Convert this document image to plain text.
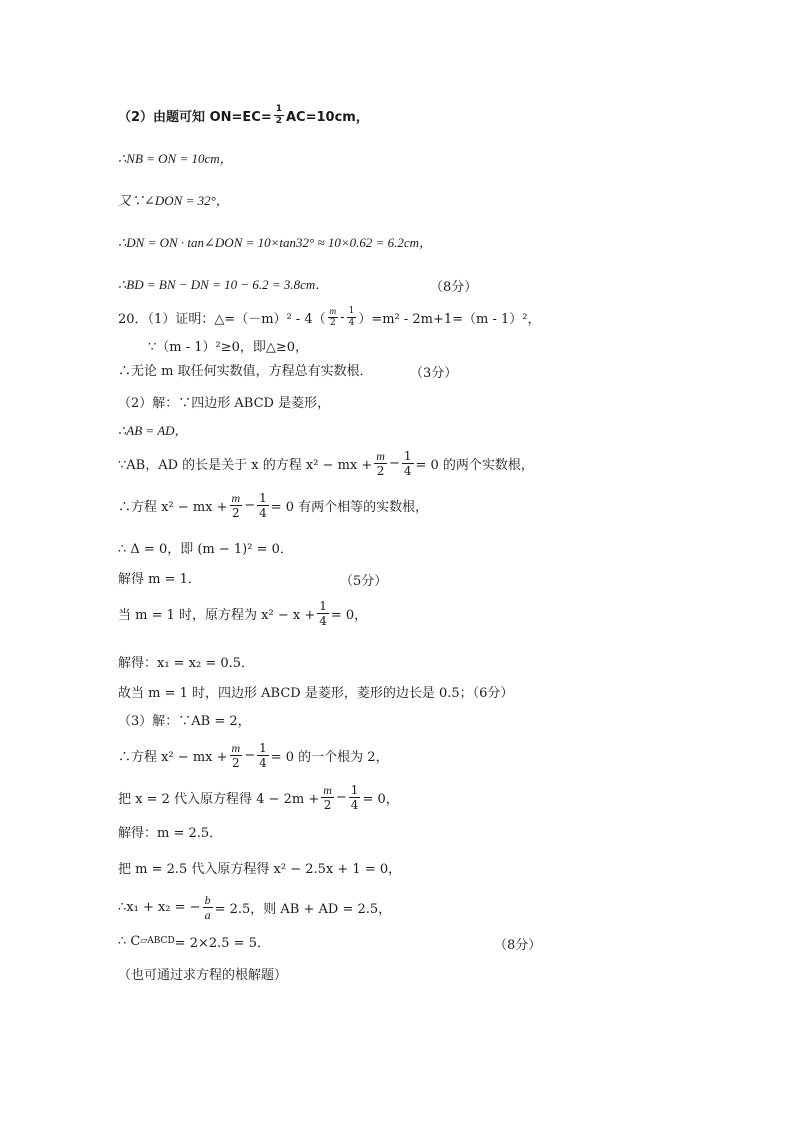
（2）由题可知 $ON=EC= \frac{1}{2} AC=10cm$，
∴NB = ON = 10cm，
又∵∠DON = 32°，
∴DN = ON · tan∠DON = 10×tan32° ≈ 10×0.62 = 6.2cm，
∴BD = BN − DN = 10 − 6.2 = 3.8cm．	（8分）
20．（1）证明：△=（－m）² - $4( \frac{m}{2} - \frac{1}{4} )=m^2 - 2m+1=(m - 1)^2$，
∵（m - 1）²≥0，即△≥0，
∴无论 m 取任何实数值，方程总有实数根．	（3分）
（2）解：∵四边形 ABCD 是菱形，
∴AB = AD，
∵AB，AD 的长是关于 x 的方程 x² − mx + $\frac{m}{2} - \frac{1}{4} = 0$ 的两个实数根，
∴方程 x² − mx + $\frac{m}{2} - \frac{1}{4} = 0$ 有两个相等的实数根，
∴ Δ = 0，即 (m − 1)² = 0．
解得 m = 1．	（5分）
当 m = 1 时，原方程为 $x^2 - x + \frac{1}{4} = 0$，
解得：x₁ = x₂ = 0.5．
故当 m = 1 时，四边形 ABCD 是菱形，菱形的边长是 0.5；（6分）
（3）解：∵AB = 2，
∴方程 x² − mx + $\frac{m}{2} - \frac{1}{4} = 0$ 的一个根为 2，
把 x = 2 代入原方程得 $4 - 2m + \frac{m}{2} - \frac{1}{4} = 0$，
解得：m = 2.5．
把 m = 2.5 代入原方程得 x² − 2.5x + 1 = 0，
∴x₁ + x₂ = − $\frac{b}{a} = 2.5$，则 AB + AD = 2.5，
∴ C ▱ABCD = 2×2.5 = 5．	（8分）
（也可通过求方程的根解题）
